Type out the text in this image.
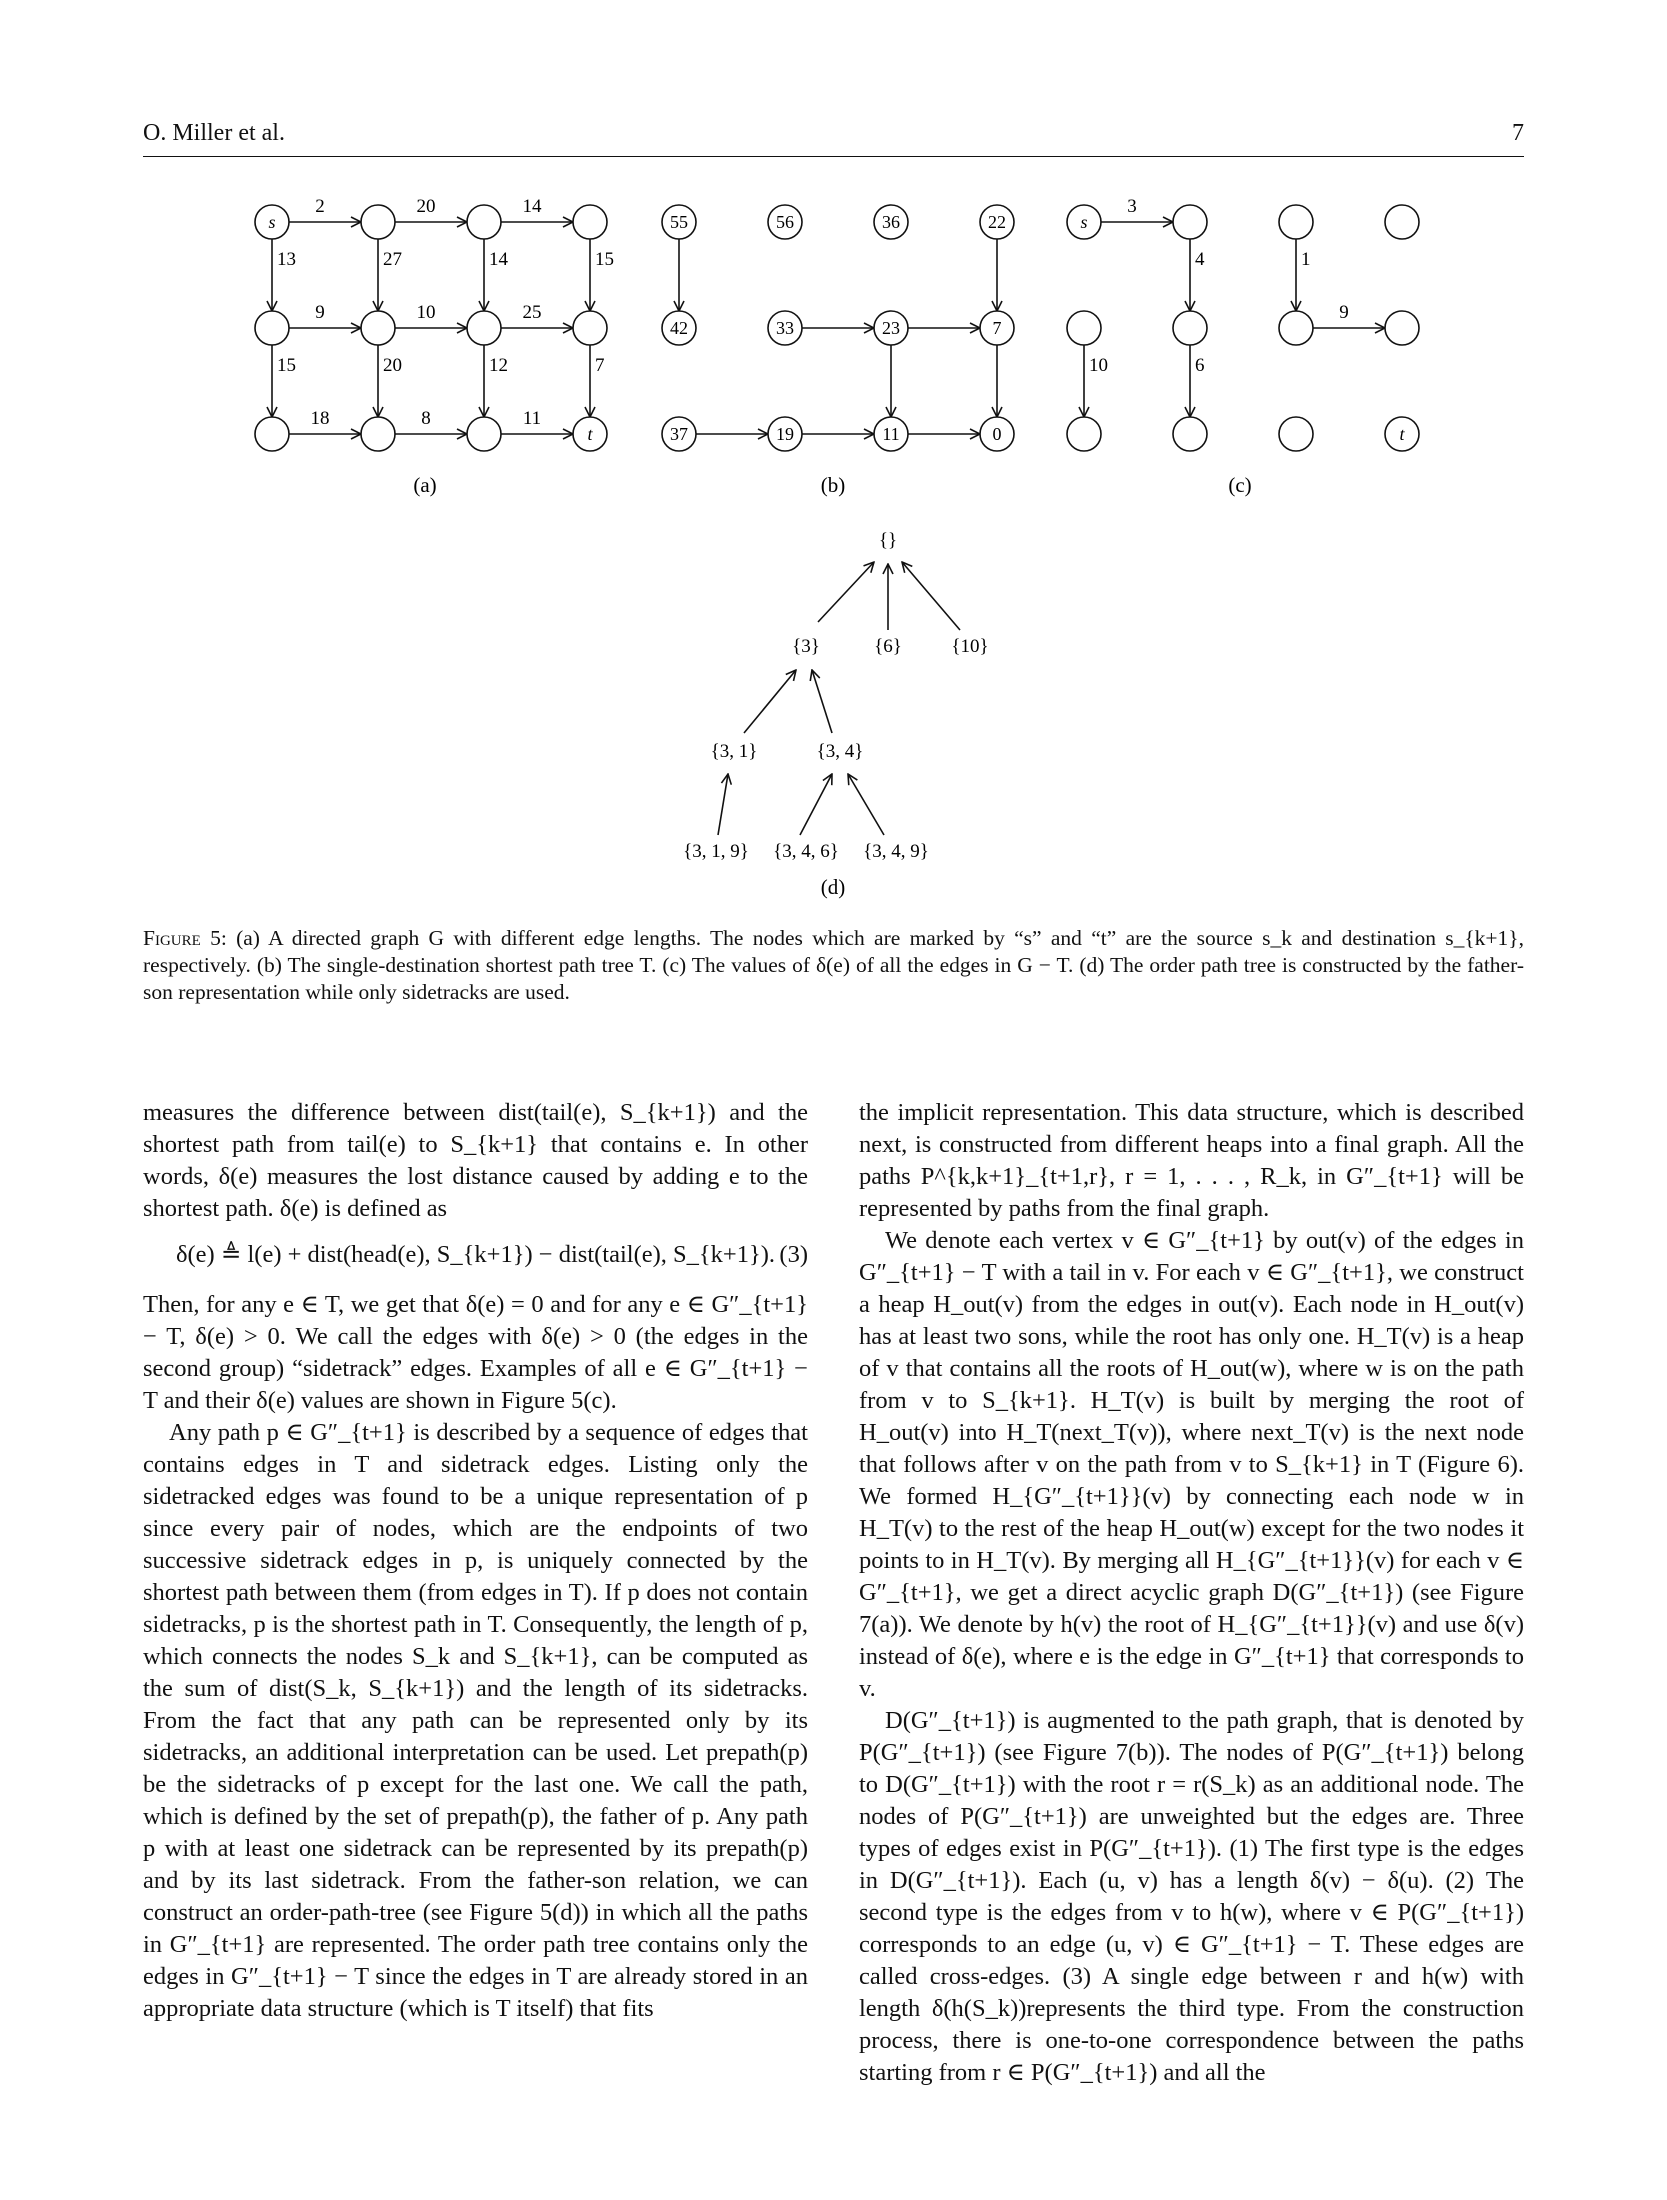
O. Miller et al.	7
2	20	14
9	10	25
18	8	11
13	27	14	15
15	20	12	7
s
t
55	56	36	22
42	33	23	7
37	19	11	0
3
4
10	6
1
9
s
t
{}
{3}	{6}	{10}
{3, 1}	{3, 4}
{3, 1, 9} {3, 4, 6} {3, 4, 9}
(a)	(b)	(c)
(d)
Figure 5: (a) A directed graph G with different edge lengths. The nodes which are marked by “s” and “t” are the source s_k and destination s_{k+1}, respectively. (b) The single-destination shortest path tree T. (c) The values of δ(e) of all the edges in G − T. (d) The order path tree is constructed by the father-son representation while only sidetracks are used.

measures the difference between dist(tail(e), S_{k+1}) and the shortest path from tail(e) to S_{k+1} that contains e. In other words, δ(e) measures the lost distance caused by adding e to the shortest path. δ(e) is defined as

δ(e) ≜ l(e) + dist(head(e), S_{k+1}) − dist(tail(e), S_{k+1}). (3)

Then, for any e ∈ T, we get that δ(e) = 0 and for any e ∈ G″_{t+1} − T, δ(e) > 0. We call the edges with δ(e) > 0 (the edges in the second group) “sidetrack” edges. Examples of all e ∈ G″_{t+1} − T and their δ(e) values are shown in Figure 5(c).

Any path p ∈ G″_{t+1} is described by a sequence of edges that contains edges in T and sidetrack edges. Listing only the sidetracked edges was found to be a unique representation of p since every pair of nodes, which are the endpoints of two successive sidetrack edges in p, is uniquely connected by the shortest path between them (from edges in T). If p does not contain sidetracks, p is the shortest path in T. Consequently, the length of p, which connects the nodes S_k and S_{k+1}, can be computed as the sum of dist(S_k, S_{k+1}) and the length of its sidetracks. From the fact that any path can be represented only by its sidetracks, an additional interpretation can be used. Let prepath(p) be the sidetracks of p except for the last one. We call the path, which is defined by the set of prepath(p), the father of p. Any path p with at least one sidetrack can be represented by its prepath(p) and by its last sidetrack. From the father-son relation, we can construct an order-path-tree (see Figure 5(d)) in which all the paths in G″_{t+1} are represented. The order path tree contains only the edges in G″_{t+1} − T since the edges in T are already stored in an appropriate data structure (which is T itself) that fits

the implicit representation. This data structure, which is described next, is constructed from different heaps into a final graph. All the paths P^{k,k+1}_{t+1,r}, r = 1, . . . , R_k, in G″_{t+1} will be represented by paths from the final graph.

We denote each vertex v ∈ G″_{t+1} by out(v) of the edges in G″_{t+1} − T with a tail in v. For each v ∈ G″_{t+1}, we construct a heap H_out(v) from the edges in out(v). Each node in H_out(v) has at least two sons, while the root has only one. H_T(v) is a heap of v that contains all the roots of H_out(w), where w is on the path from v to S_{k+1}. H_T(v) is built by merging the root of H_out(v) into H_T(next_T(v)), where next_T(v) is the next node that follows after v on the path from v to S_{k+1} in T (Figure 6). We formed H_{G″_{t+1}}(v) by connecting each node w in H_T(v) to the rest of the heap H_out(w) except for the two nodes it points to in H_T(v). By merging all H_{G″_{t+1}}(v) for each v ∈ G″_{t+1}, we get a direct acyclic graph D(G″_{t+1}) (see Figure 7(a)). We denote by h(v) the root of H_{G″_{t+1}}(v) and use δ(v) instead of δ(e), where e is the edge in G″_{t+1} that corresponds to v.

D(G″_{t+1}) is augmented to the path graph, that is denoted by P(G″_{t+1}) (see Figure 7(b)). The nodes of P(G″_{t+1}) belong to D(G″_{t+1}) with the root r = r(S_k) as an additional node. The nodes of P(G″_{t+1}) are unweighted but the edges are. Three types of edges exist in P(G″_{t+1}). (1) The first type is the edges in D(G″_{t+1}). Each (u, v) has a length δ(v) − δ(u). (2) The second type is the edges from v to h(w), where v ∈ P(G″_{t+1}) corresponds to an edge (u, v) ∈ G″_{t+1} − T. These edges are called cross-edges. (3) A single edge between r and h(w) with length δ(h(S_k))represents the third type. From the construction process, there is one-to-one correspondence between the paths starting from r ∈ P(G″_{t+1}) and all the
